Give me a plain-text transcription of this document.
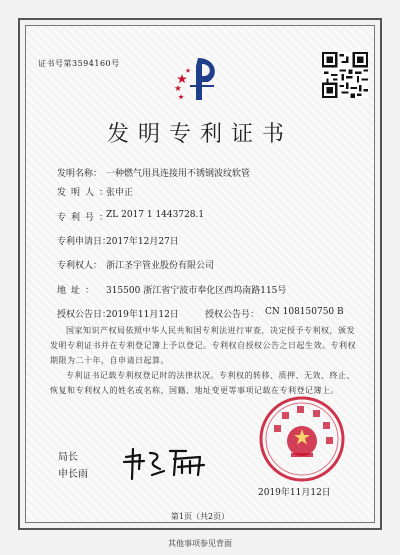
证书号第3594160号
发明专利证书
发明名称： 一种燃气用具连接用不锈钢波纹软管
发明人：
张申正
专利号：
ZL 2017 1 1443728.1
专利申请日：
2017年12月27日
专利权人： 浙江圣宇管业股份有限公司
地址： 315500 浙江省宁波市奉化区西坞南路115号
授权公告日：
2019年11月12日	授权公告号： CN 108150750 B
国家知识产权局依照中华人民共和国专利法进行审查，决定授予专利权，颁发发明专利证书并在专利登记簿上予以登记。专利权自授权公告之日起生效。专利权期限为二十年，自申请日起算。
专利证书记载专利权登记时的法律状况。专利权的转移、质押、无效、终止、恢复和专利权人的姓名或名称、国籍、地址变更等事项记载在专利登记簿上。
局长
申长雨
2019年11月12日
第1页（共2页）
其他事项参见背面
